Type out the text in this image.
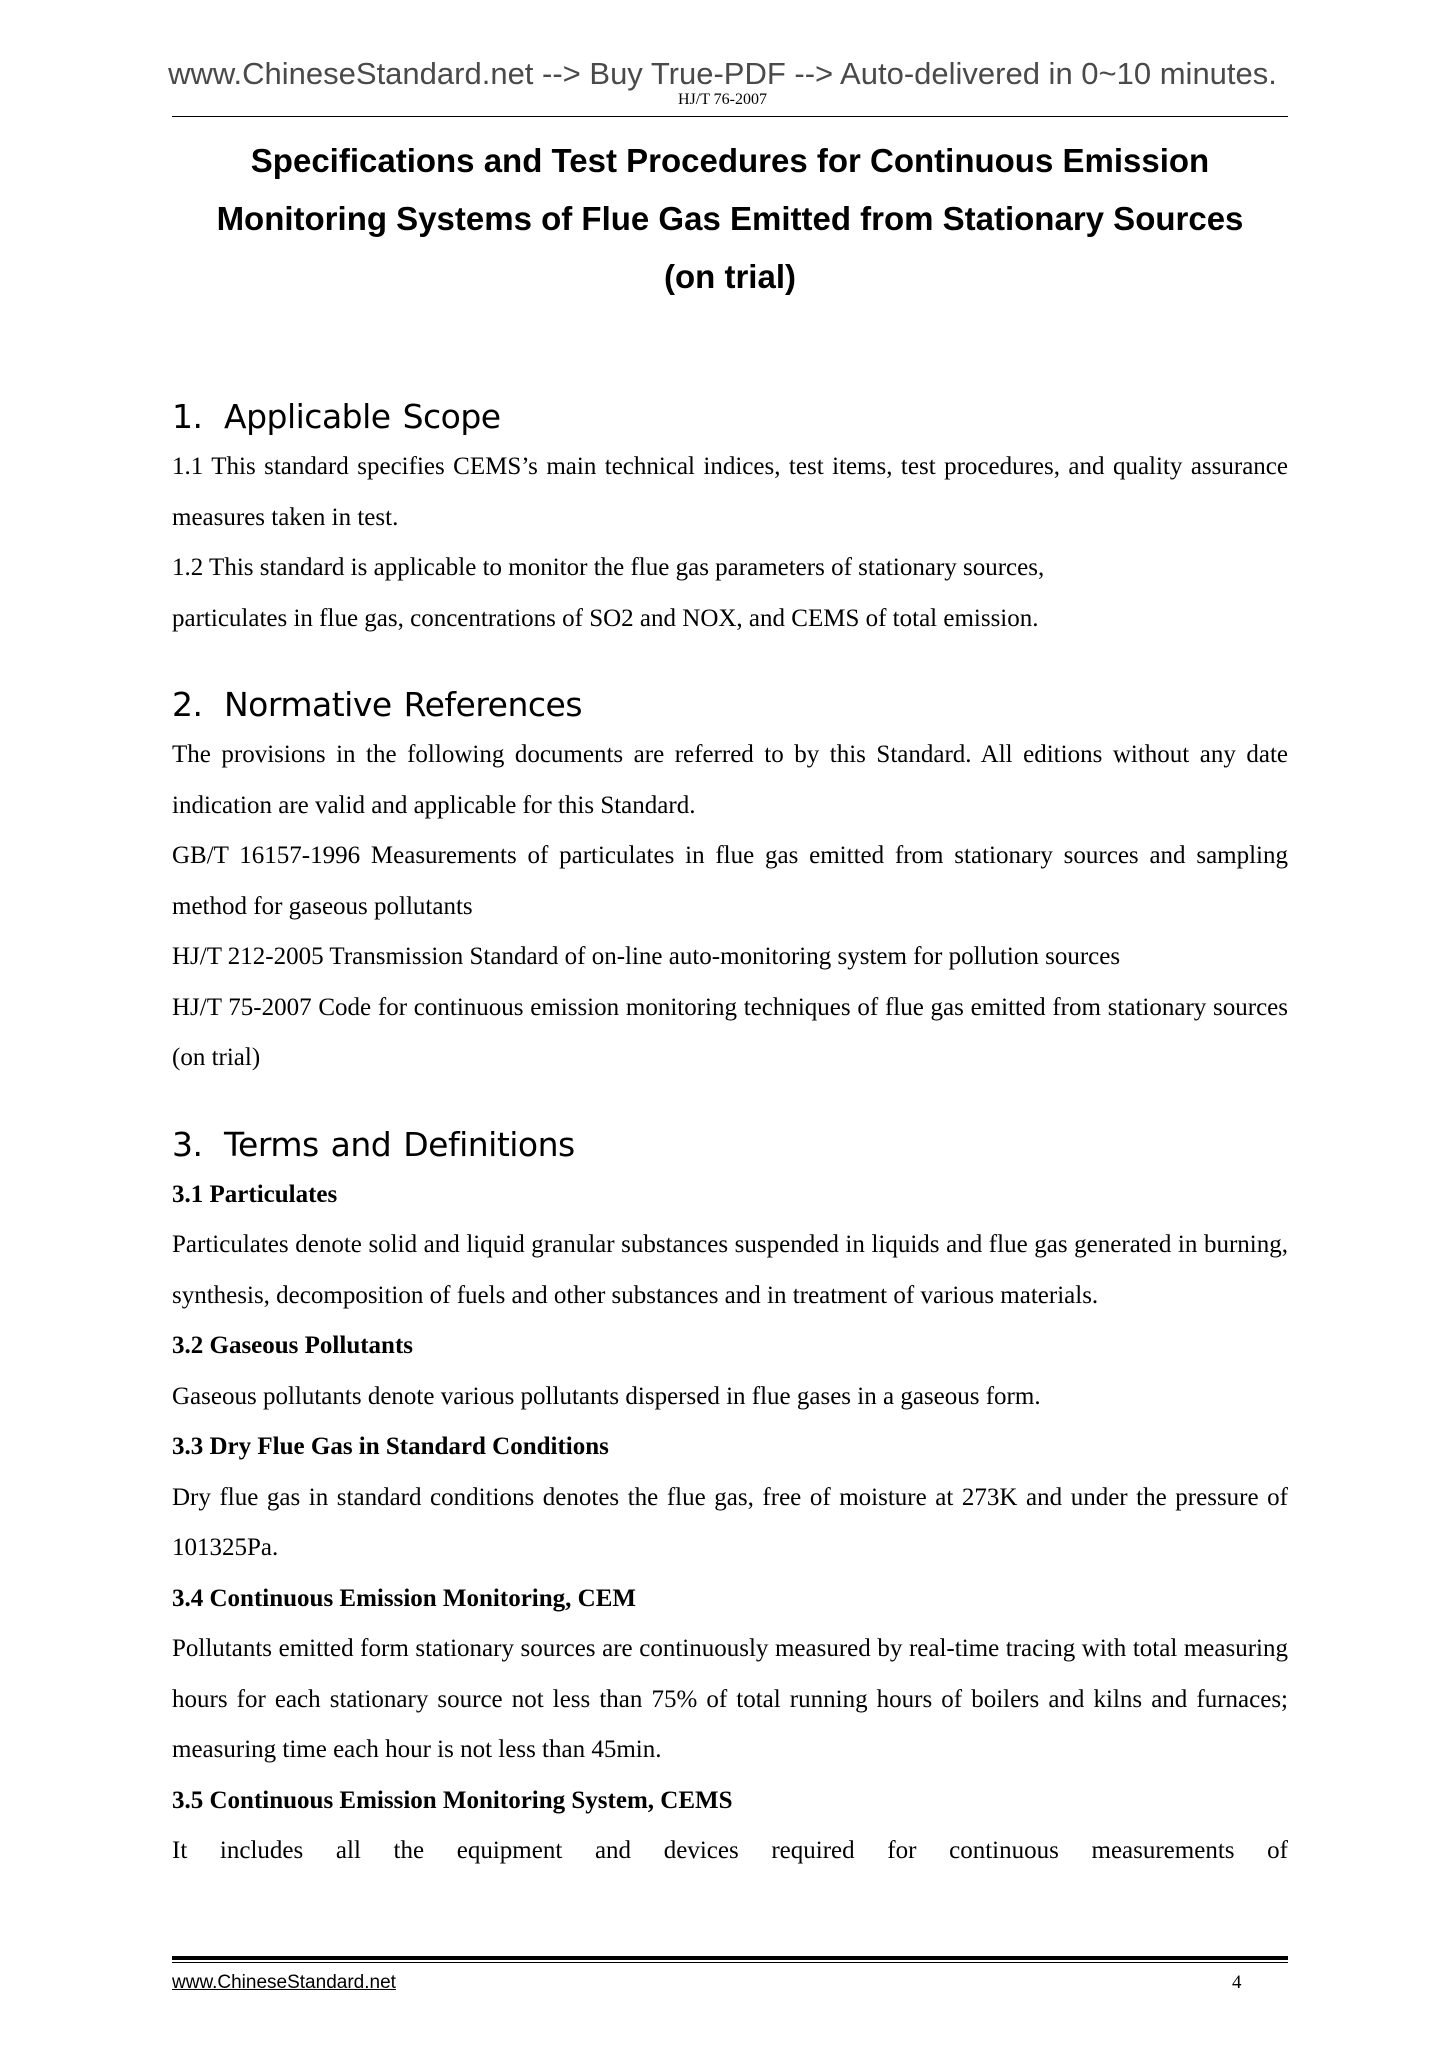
www.ChineseStandard.net --> Buy True-PDF --> Auto-delivered in 0~10 minutes.
HJ/T 76-2007
Specifications and Test Procedures for Continuous Emission
Monitoring Systems of Flue Gas Emitted from Stationary Sources
(on trial)
1. Applicable Scope

1.1 This standard specifies CEMS’s main technical indices, test items, test procedures, and quality assurance measures taken in test.

1.2 This standard is applicable to monitor the flue gas parameters of stationary sources,

particulates in flue gas, concentrations of SO2 and NOX, and CEMS of total emission.

2. Normative References

The provisions in the following documents are referred to by this Standard. All editions without any date indication are valid and applicable for this Standard.

GB/T 16157-1996 Measurements of particulates in flue gas emitted from stationary sources and sampling method for gaseous pollutants

HJ/T 212-2005 Transmission Standard of on-line auto-monitoring system for pollution sources

HJ/T 75-2007 Code for continuous emission monitoring techniques of flue gas emitted from stationary sources (on trial)

3. Terms and Definitions

3.1 Particulates

Particulates denote solid and liquid granular substances suspended in liquids and flue gas generated in burning, synthesis, decomposition of fuels and other substances and in treatment of various materials.

3.2 Gaseous Pollutants

Gaseous pollutants denote various pollutants dispersed in flue gases in a gaseous form.

3.3 Dry Flue Gas in Standard Conditions

Dry flue gas in standard conditions denotes the flue gas, free of moisture at 273K and under the pressure of 101325Pa.

3.4 Continuous Emission Monitoring, CEM

Pollutants emitted form stationary sources are continuously measured by real-time tracing with total measuring hours for each stationary source not less than 75% of total running hours of boilers and kilns and furnaces; measuring time each hour is not less than 45min.

3.5 Continuous Emission Monitoring System, CEMS

It includes all the equipment and devices required for continuous measurements of

www.ChineseStandard.net	4
